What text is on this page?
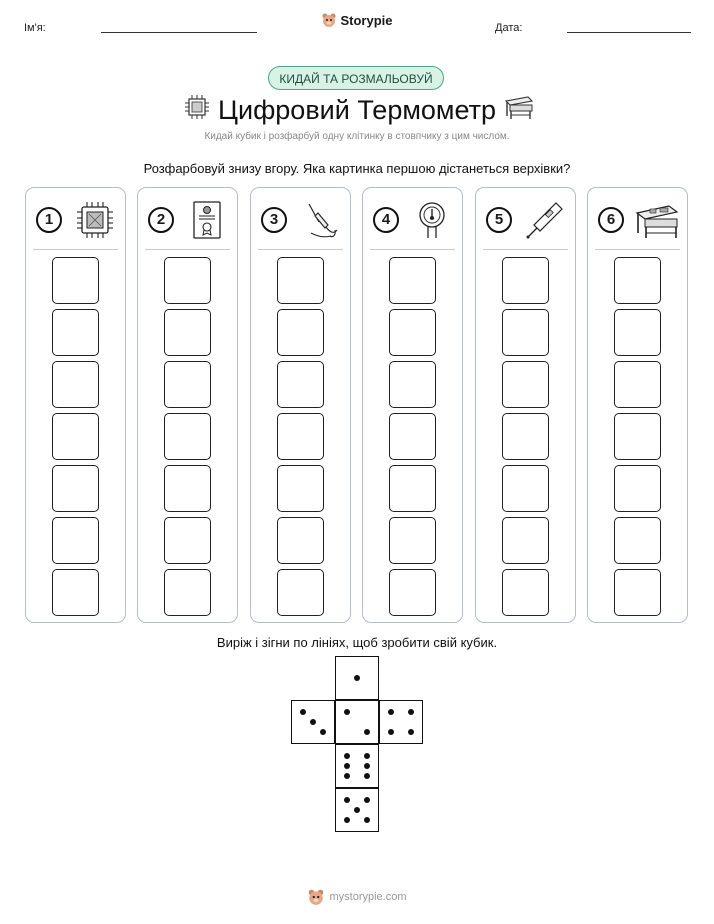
Ім'я:
Storypie
Дата:
КИДАЙ ТА РОЗМАЛЬОВУЙ
Цифровий Термометр
Кидай кубик і розфарбуй одну клітинку в стовпчику з цим числом.
Розфарбовуй знизу вгору. Яка картинка першою дістанеться верхівки?
1	2	3	4	5	6
Виріж і зігни по лініях, щоб зробити свій кубик.
mystorypie.com
